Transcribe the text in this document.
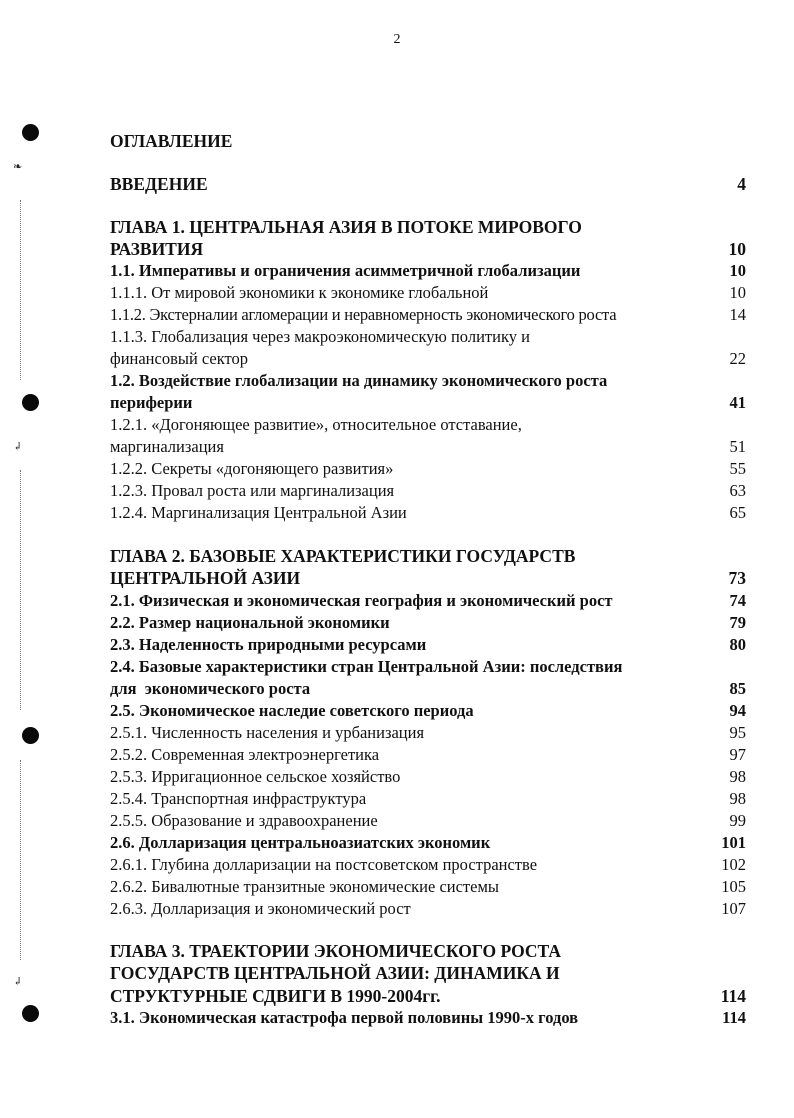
2
❧
↲
↲
ОГЛАВЛЕНИЕ
ВВЕДЕНИЕ	4
ГЛАВА 1. ЦЕНТРАЛЬНАЯ АЗИЯ В ПОТОКЕ МИРОВОГО
РАЗВИТИЯ	10
1.1. Императивы и ограничения асимметричной глобализации	10
1.1.1. От мировой экономики к экономике глобальной	10
1.1.2. Экстерналии агломерации и неравномерность экономического роста	14
1.1.3. Глобализация через макроэкономическую политику и
финансовый сектор	22
1.2. Воздействие глобализации на динамику экономического роста
периферии	41
1.2.1. «Догоняющее развитие», относительное отставание,
маргинализация	51
1.2.2. Секреты «догоняющего развития»	55
1.2.3. Провал роста или маргинализация	63
1.2.4. Маргинализация Центральной Азии	65
ГЛАВА 2. БАЗОВЫЕ ХАРАКТЕРИСТИКИ ГОСУДАРСТВ
ЦЕНТРАЛЬНОЙ АЗИИ	73
2.1. Физическая и экономическая география и экономический рост	74
2.2. Размер национальной экономики	79
2.3. Наделенность природными ресурсами	80
2.4. Базовые характеристики стран Центральной Азии: последствия
для  экономического роста	85
2.5. Экономическое наследие советского периода	94
2.5.1. Численность населения и урбанизация	95
2.5.2. Современная электроэнергетика	97
2.5.3. Ирригационное сельское хозяйство	98
2.5.4. Транспортная инфраструктура	98
2.5.5. Образование и здравоохранение	99
2.6. Долларизация центральноазиатских экономик	101
2.6.1. Глубина долларизации на постсоветском пространстве	102
2.6.2. Бивалютные транзитные экономические системы	105
2.6.3. Долларизация и экономический рост	107
ГЛАВА 3. ТРАЕКТОРИИ ЭКОНОМИЧЕСКОГО РОСТА
ГОСУДАРСТВ ЦЕНТРАЛЬНОЙ АЗИИ: ДИНАМИКА И
СТРУКТУРНЫЕ СДВИГИ В 1990-2004гг.	114
3.1. Экономическая катастрофа первой половины 1990-х годов	114
